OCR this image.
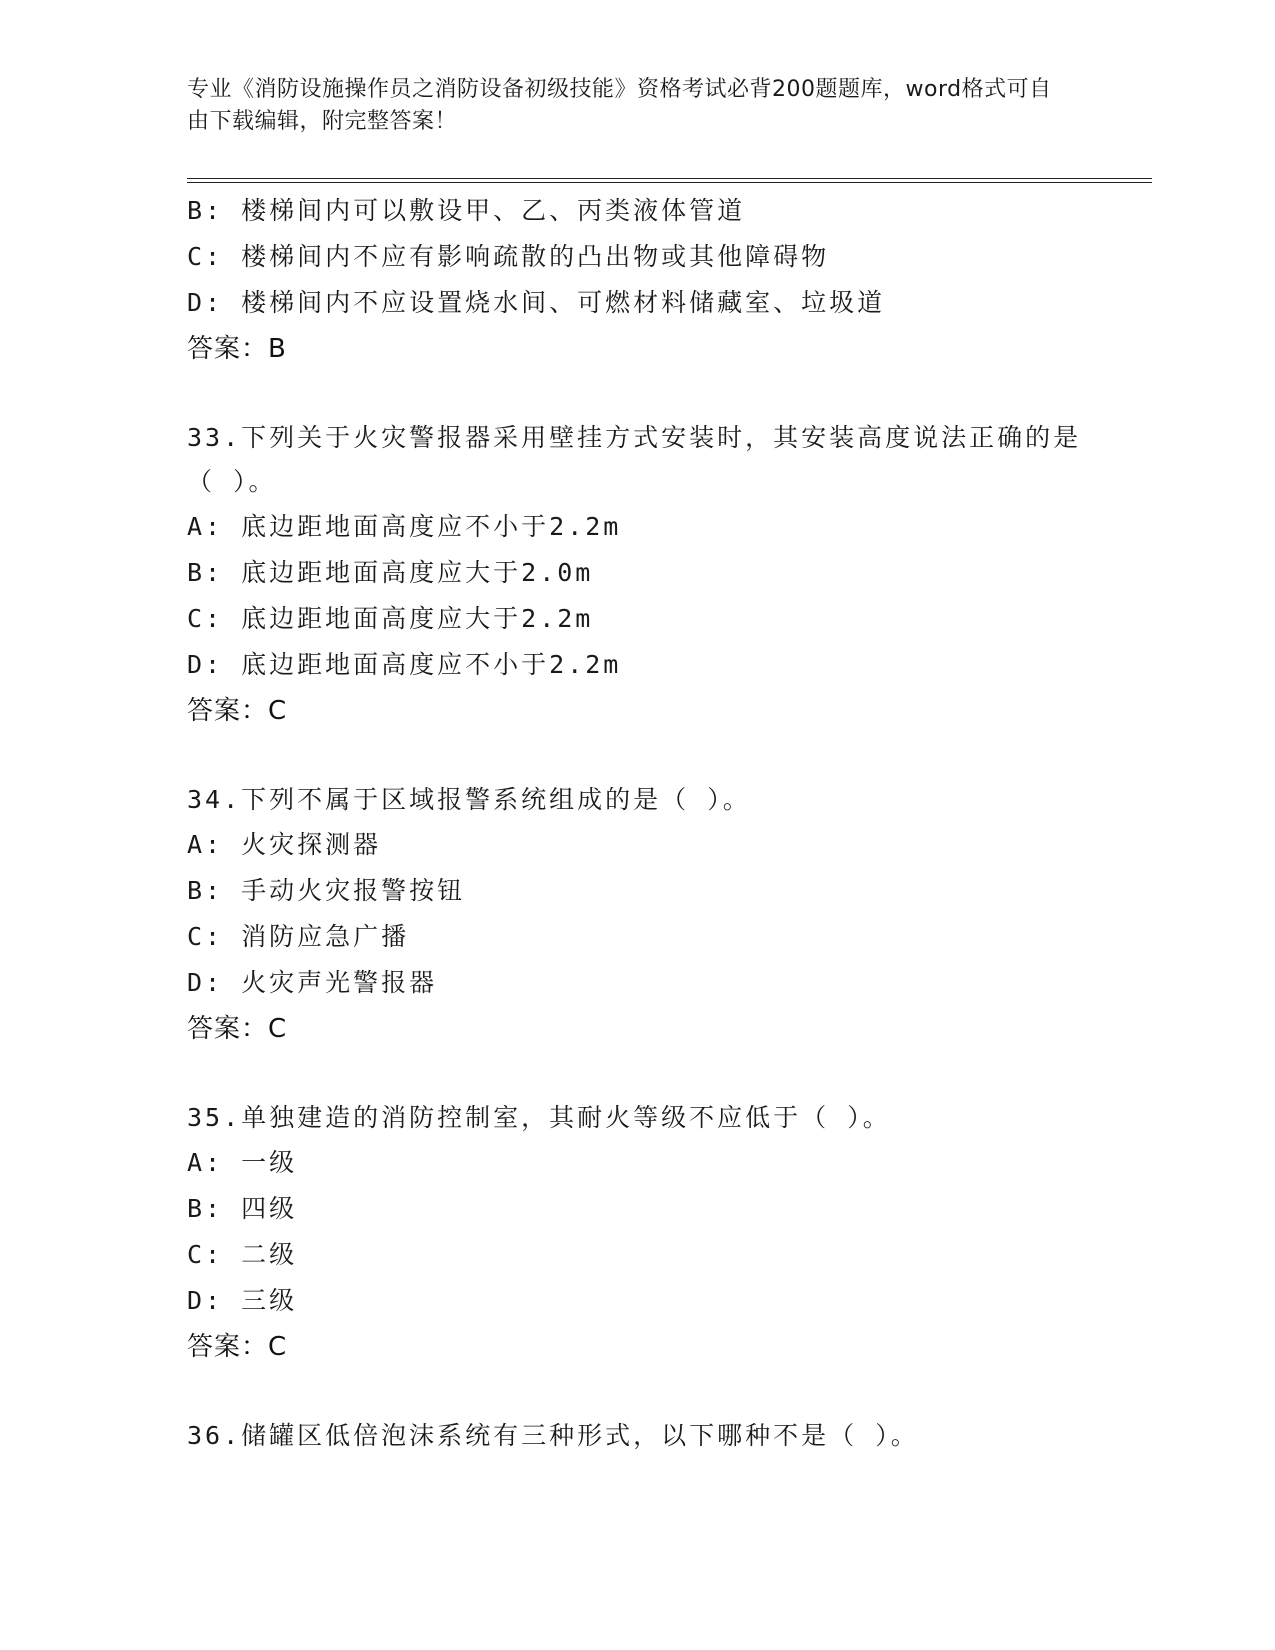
专业《消防设施操作员之消防设备初级技能》资格考试必背200题题库，word格式可自由下载编辑，附完整答案！
B: 楼梯间内可以敷设甲、乙、丙类液体管道
C: 楼梯间内不应有影响疏散的凸出物或其他障碍物
D: 楼梯间内不应设置烧水间、可燃材料储藏室、垃圾道
答案：B
33.下列关于火灾警报器采用壁挂方式安装时，其安装高度说法正确的是（ ）。
A: 底边距地面高度应不小于2.2m
B: 底边距地面高度应大于2.0m
C: 底边距地面高度应大于2.2m
D: 底边距地面高度应不小于2.2m
答案：C
34.下列不属于区域报警系统组成的是（ ）。
A: 火灾探测器
B: 手动火灾报警按钮
C: 消防应急广播
D: 火灾声光警报器
答案：C
35.单独建造的消防控制室，其耐火等级不应低于（ ）。
A: 一级
B: 四级
C: 二级
D: 三级
答案：C
36.储罐区低倍泡沫系统有三种形式，以下哪种不是（ ）。
